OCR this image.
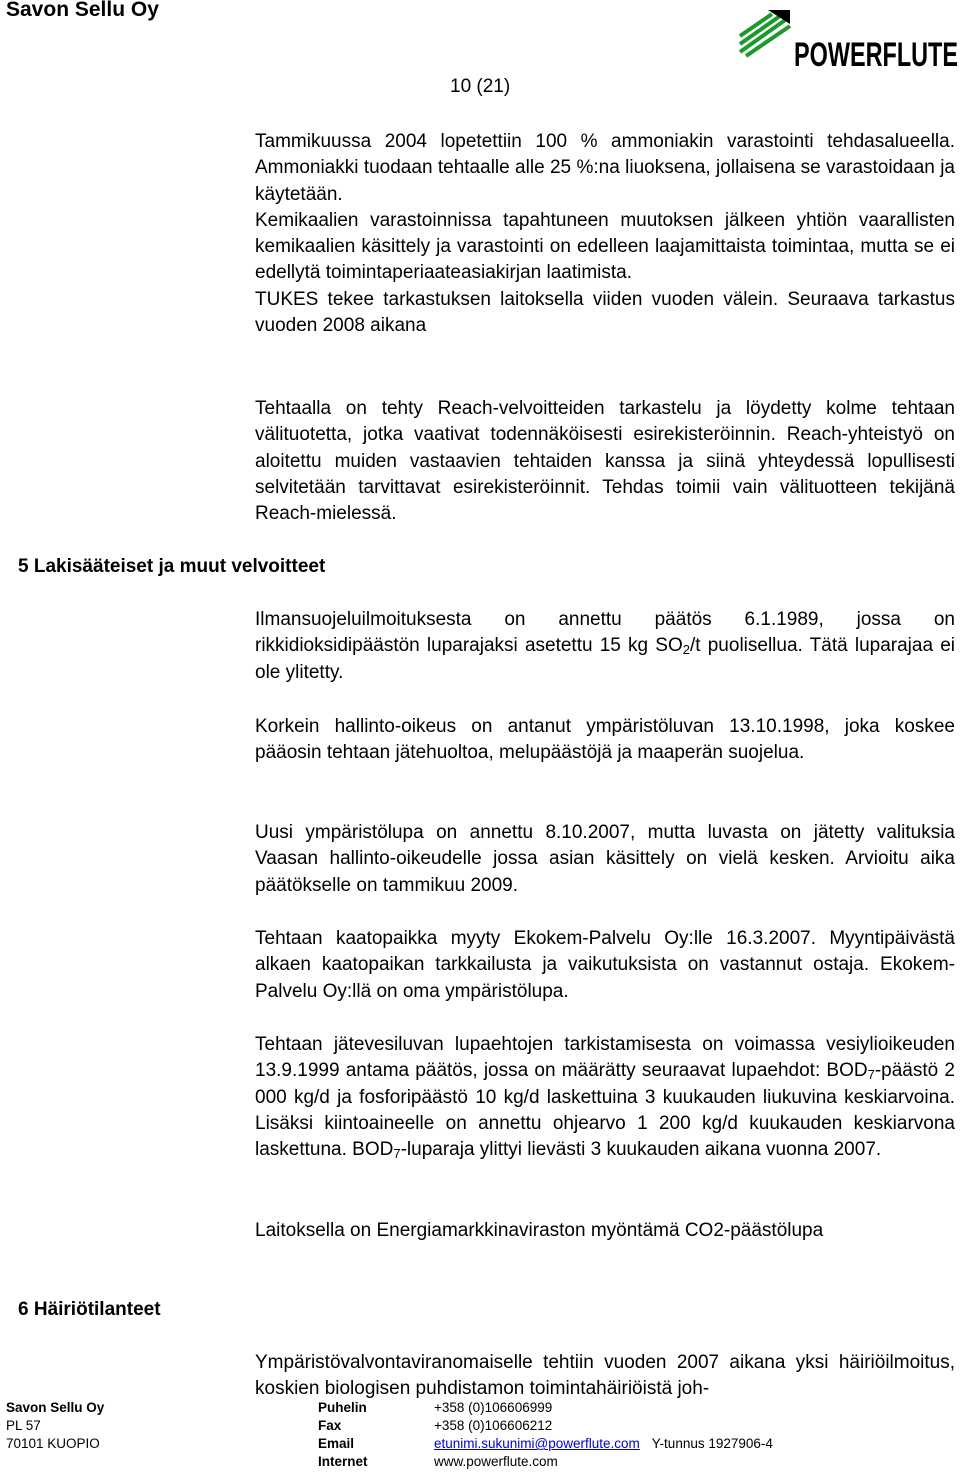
Savon Sellu Oy
POWERFLUTE
10 (21)
5 Lakisääteiset ja muut velvoitteet
6 Häiriötilanteet

Tammikuussa 2004 lopetettiin 100 % ammoniakin varastointi tehdasalueella. Ammoniakki tuodaan tehtaalle alle 25 %:na liuoksena, jollaisena se varastoidaan ja käytetään.

Kemikaalien varastoinnissa tapahtuneen muutoksen jälkeen yhtiön vaarallisten kemikaalien käsittely ja varastointi on edelleen laajamittaista toimintaa, mutta se ei edellytä toimintaperiaateasiakirjan laatimista.

TUKES tekee tarkastuksen laitoksella viiden vuoden välein. Seuraava tarkastus vuoden 2008 aikana

Tehtaalla on tehty Reach-velvoitteiden tarkastelu ja löydetty kolme tehtaan välituotetta, jotka vaativat todennäköisesti esirekisteröinnin. Reach-yhteistyö on aloitettu muiden vastaavien tehtaiden kanssa ja siinä yhteydessä lopullisesti selvitetään tarvittavat esirekisteröinnit. Tehdas toimii vain välituotteen tekijänä Reach-mielessä.

Ilmansuojeluilmoituksesta on annettu päätös 6.1.1989, jossa on rikkidioksidipäästön luparajaksi asetettu 15 kg $SO_2/t$ puolisellua. Tätä luparajaa ei ole ylitetty.

Korkein hallinto-oikeus on antanut ympäristöluvan 13.10.1998, joka koskee pääosin tehtaan jätehuoltoa, melupäästöjä ja maaperän suojelua.

Uusi ympäristölupa on annettu 8.10.2007, mutta luvasta on jätetty valituksia Vaasan hallinto-oikeudelle jossa asian käsittely on vielä kesken. Arvioitu aika päätökselle on tammikuu 2009.

Tehtaan kaatopaikka myyty Ekokem-Palvelu Oy:lle 16.3.2007. Myyntipäivästä alkaen kaatopaikan tarkkailusta ja vaikutuksista on vastannut ostaja. Ekokem-Palvelu Oy:llä on oma ympäristölupa.

Tehtaan jätevesiluvan lupaehtojen tarkistamisesta on voimassa vesiylioikeuden 13.9.1999 antama päätös, jossa on määrätty seuraavat lupaehdot: $BOD_7$-päästö 2 000 kg/d ja fosforipäästö 10 kg/d laskettuina 3 kuukauden liukuvina keskiarvoina. Lisäksi kiintoaineelle on annettu ohjearvo 1 200 kg/d kuukauden keskiarvona laskettuna. $BOD_7$-luparaja ylittyi lievästi 3 kuukauden aikana vuonna 2007.

Laitoksella on Energiamarkkinaviraston myöntämä CO2-päästölupa

Ympäristövalvontaviranomaiselle tehtiin vuoden 2007 aikana yksi häiriöilmoitus, koskien biologisen puhdistamon toimintahäiriöistä joh-

Savon Sellu Oy
PL 57
70101 KUOPIO
Puhelin
Fax
Email
Internet
+358 (0)106606999
+358 (0)106606212
etunimi.sukunimi@powerflute.com Y-tunnus 1927906-4
www.powerflute.com
